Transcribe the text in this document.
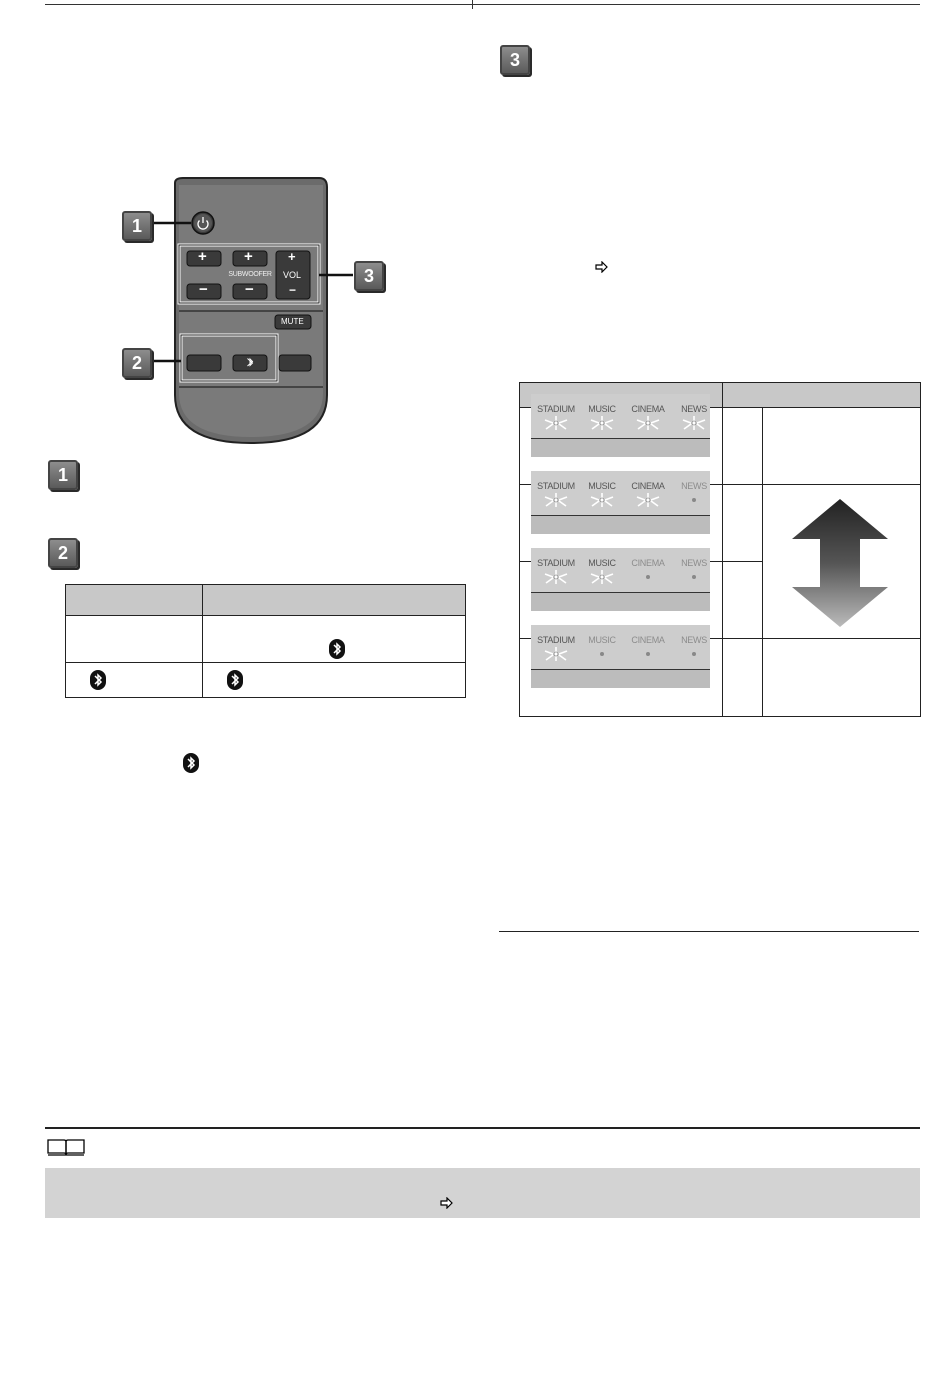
+ +	+
− −	−
SUBWOOFER	VOL
MUTE
1
2
3
1
2

3
STADIUM	MUSIC	CINEMA	NEWS
STADIUM	MUSIC	CINEMA	NEWS
STADIUM	MUSIC	CINEMA	NEWS
STADIUM	MUSIC	CINEMA	NEWS
